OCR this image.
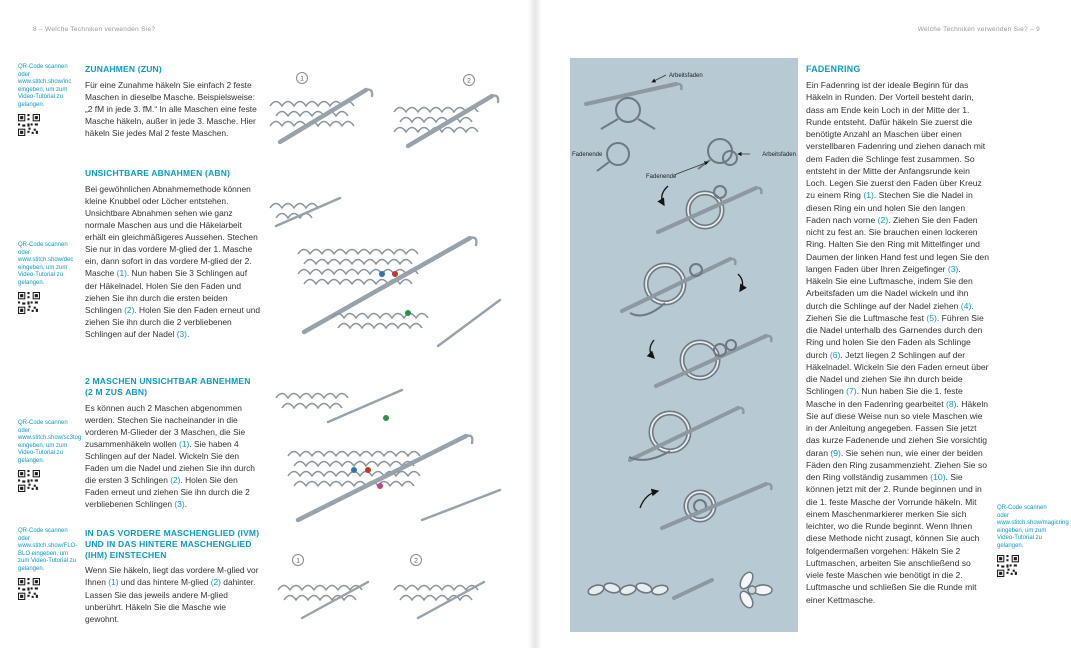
8 – Welche Techniken verwenden Sie?	Welche Techniken verwenden Sie? – 9

QR-Code scannen oder www.stitch.show/inc eingeben, um zum Video-Tutorial zu gelangen.

QR-Code scannen oder www.stitch.show/dec eingeben, um zum Video-Tutorial zu gelangen.

QR-Code scannen oder www.stitch.show/sc3tog eingeben, um zum Video-Tutorial zu gelangen.

QR-Code scannen oder www.stitch.show/FLO-BLO eingeben, um zum Video-Tutorial zu gelangen.

ZUNAHMEN (ZUN)

Für eine Zunahme häkeln Sie einfach 2 feste Maschen in dieselbe Masche. Beispielsweise: „2 fM in jede 3. fM.“ In alle Maschen eine feste Masche häkeln, außer in jede 3. Masche. Hier häkeln Sie jedes Mal 2 feste Maschen.

UNSICHTBARE ABNAHMEN (ABN)

Bei gewöhnlichen Abnahmemethode können kleine Knubbel oder Löcher entstehen. Unsichtbare Abnahmen sehen wie ganz normale Maschen aus und die Häkelarbeit erhält ein gleichmäßigeres Aussehen. Stechen Sie nur in das vordere M-glied der 1. Masche ein, dann sofort in das vordere M-glied der 2. Masche (1). Nun haben Sie 3 Schlingen auf der Häkelnadel. Holen Sie den Faden und ziehen Sie ihn durch die ersten beiden Schlingen (2). Holen Sie den Faden erneut und ziehen Sie ihn durch die 2 verbliebenen Schlingen auf der Nadel (3).

2 MASCHEN UNSICHTBAR ABNEHMEN (2 M ZUS ABN)

Es können auch 2 Maschen abgenommen werden. Stechen Sie nacheinander in die vorderen M-Glieder der 3 Maschen, die Sie zusammenhäkeln wollen (1). Sie haben 4 Schlingen auf der Nadel. Wickeln Sie den Faden um die Nadel und ziehen Sie ihn durch die ersten 3 Schlingen (2). Holen Sie den Faden erneut und ziehen Sie ihn durch die 2 verbliebenen Schlingen (3).

IN DAS VORDERE MASCHENGLIED (IVM) UND IN DAS HINTERE MASCHENGLIED (IHM) EINSTECHEN

Wenn Sie häkeln, liegt das vordere M-glied vor Ihnen (1) und das hintere M-glied (2) dahinter. Lassen Sie das jeweils andere M-glied unberührt. Häkeln Sie die Masche wie gewohnt.

1	2
1	2
Arbeitsfaden
Fadenende
Fadenende
Arbeitsfaden
FADENRING

Ein Fadenring ist der ideale Beginn für das Häkeln in Runden. Der Vorteil besteht darin, dass am Ende kein Loch in der Mitte der 1. Runde entsteht. Dafür häkeln Sie zuerst die benötigte Anzahl an Maschen über einen verstellbaren Fadenring und ziehen danach mit dem Faden die Schlinge fest zusammen. So entsteht in der Mitte der Anfangsrunde kein Loch. Legen Sie zuerst den Faden über Kreuz zu einem Ring (1). Stechen Sie die Nadel in diesen Ring ein und holen Sie den langen Faden nach vorne (2). Ziehen Sie den Faden nicht zu fest an. Sie brauchen einen lockeren Ring. Halten Sie den Ring mit Mittelfinger und Daumen der linken Hand fest und legen Sie den langen Faden über Ihren Zeigefinger (3). Häkeln Sie eine Luftmasche, indem Sie den Arbeitsfaden um die Nadel wickeln und ihn durch die Schlinge auf der Nadel ziehen (4). Ziehen Sie die Luftmasche fest (5). Führen Sie die Nadel unterhalb des Garnendes durch den Ring und holen Sie den Faden als Schlinge durch (6). Jetzt liegen 2 Schlingen auf der Häkelnadel. Wickeln Sie den Faden erneut über die Nadel und ziehen Sie ihn durch beide Schlingen (7). Nun haben Sie die 1. feste Masche in den Fadenring gearbeitet (8). Häkeln Sie auf diese Weise nun so viele Maschen wie in der Anleitung angegeben. Fassen Sie jetzt das kurze Fadenende und ziehen Sie vorsichtig daran (9). Sie sehen nun, wie einer der beiden Fäden den Ring zusammenzieht. Ziehen Sie so den Ring vollständig zusammen (10). Sie können jetzt mit der 2. Runde beginnen und in die 1. feste Masche der Vorrunde häkeln. Mit einem Maschenmarkierer merken Sie sich leichter, wo die Runde beginnt. Wenn Ihnen diese Methode nicht zusagt, können Sie auch folgendermaßen vorgehen: Häkeln Sie 2 Luftmaschen, arbeiten Sie anschließend so viele feste Maschen wie benötigt in die 2. Luftmasche und schließen Sie die Runde mit einer Kettmasche.

QR-Code scannen oder www.stitch.show/magicring eingeben, um zum Video-Tutorial zu gelangen.
